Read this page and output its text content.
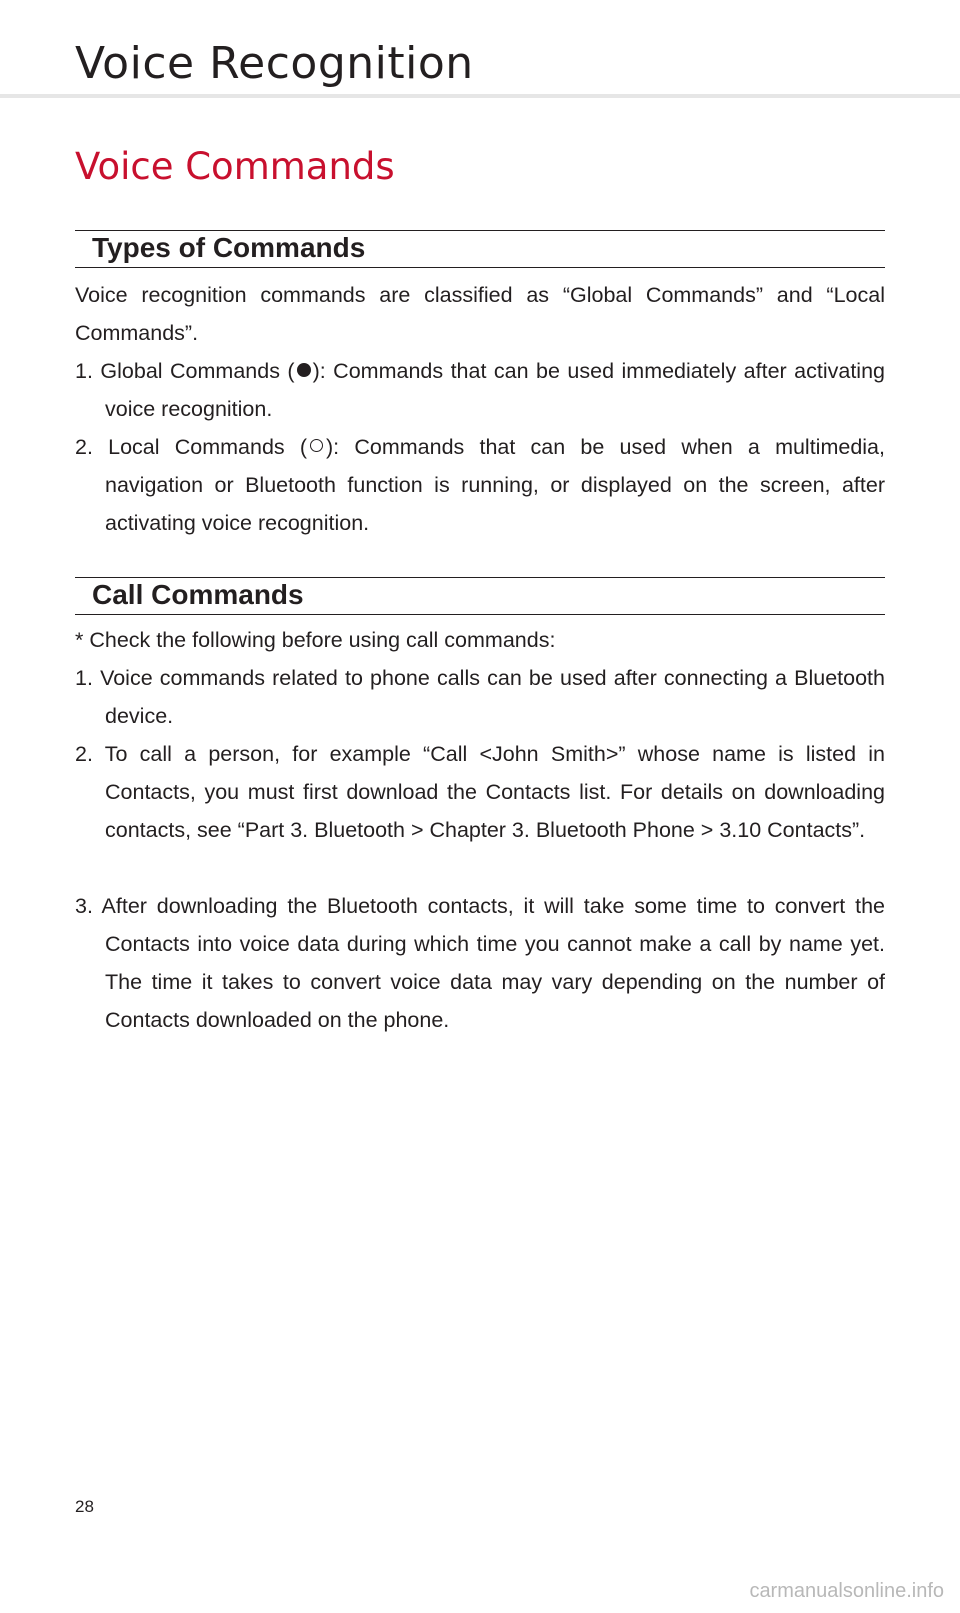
Voice Recognition
Voice Commands
Types of Commands
Voice recognition commands are classified as “Global Commands” and “Local Commands”.
1. Global Commands ( ): Commands that can be used immediately after activating voice recognition.
2. Local Commands ( ): Commands that can be used when a multimedia, navigation or Bluetooth function is running, or displayed on the screen, after activating voice recognition.
Call Commands
* Check the following before using call commands:
1. Voice commands related to phone calls can be used after connecting a Bluetooth device.
2. To call a person, for example “Call <John Smith>” whose name is listed in Contacts, you must first download the Contacts list. For details on downloading contacts, see “Part 3. Bluetooth > Chapter 3. Bluetooth Phone > 3.10 Contacts”.
3. After downloading the Bluetooth contacts, it will take some time to convert the Contacts into voice data during which time you cannot make a call by name yet. The time it takes to convert voice data may vary depending on the number of Contacts downloaded on the phone.
28
carmanualsonline.info
